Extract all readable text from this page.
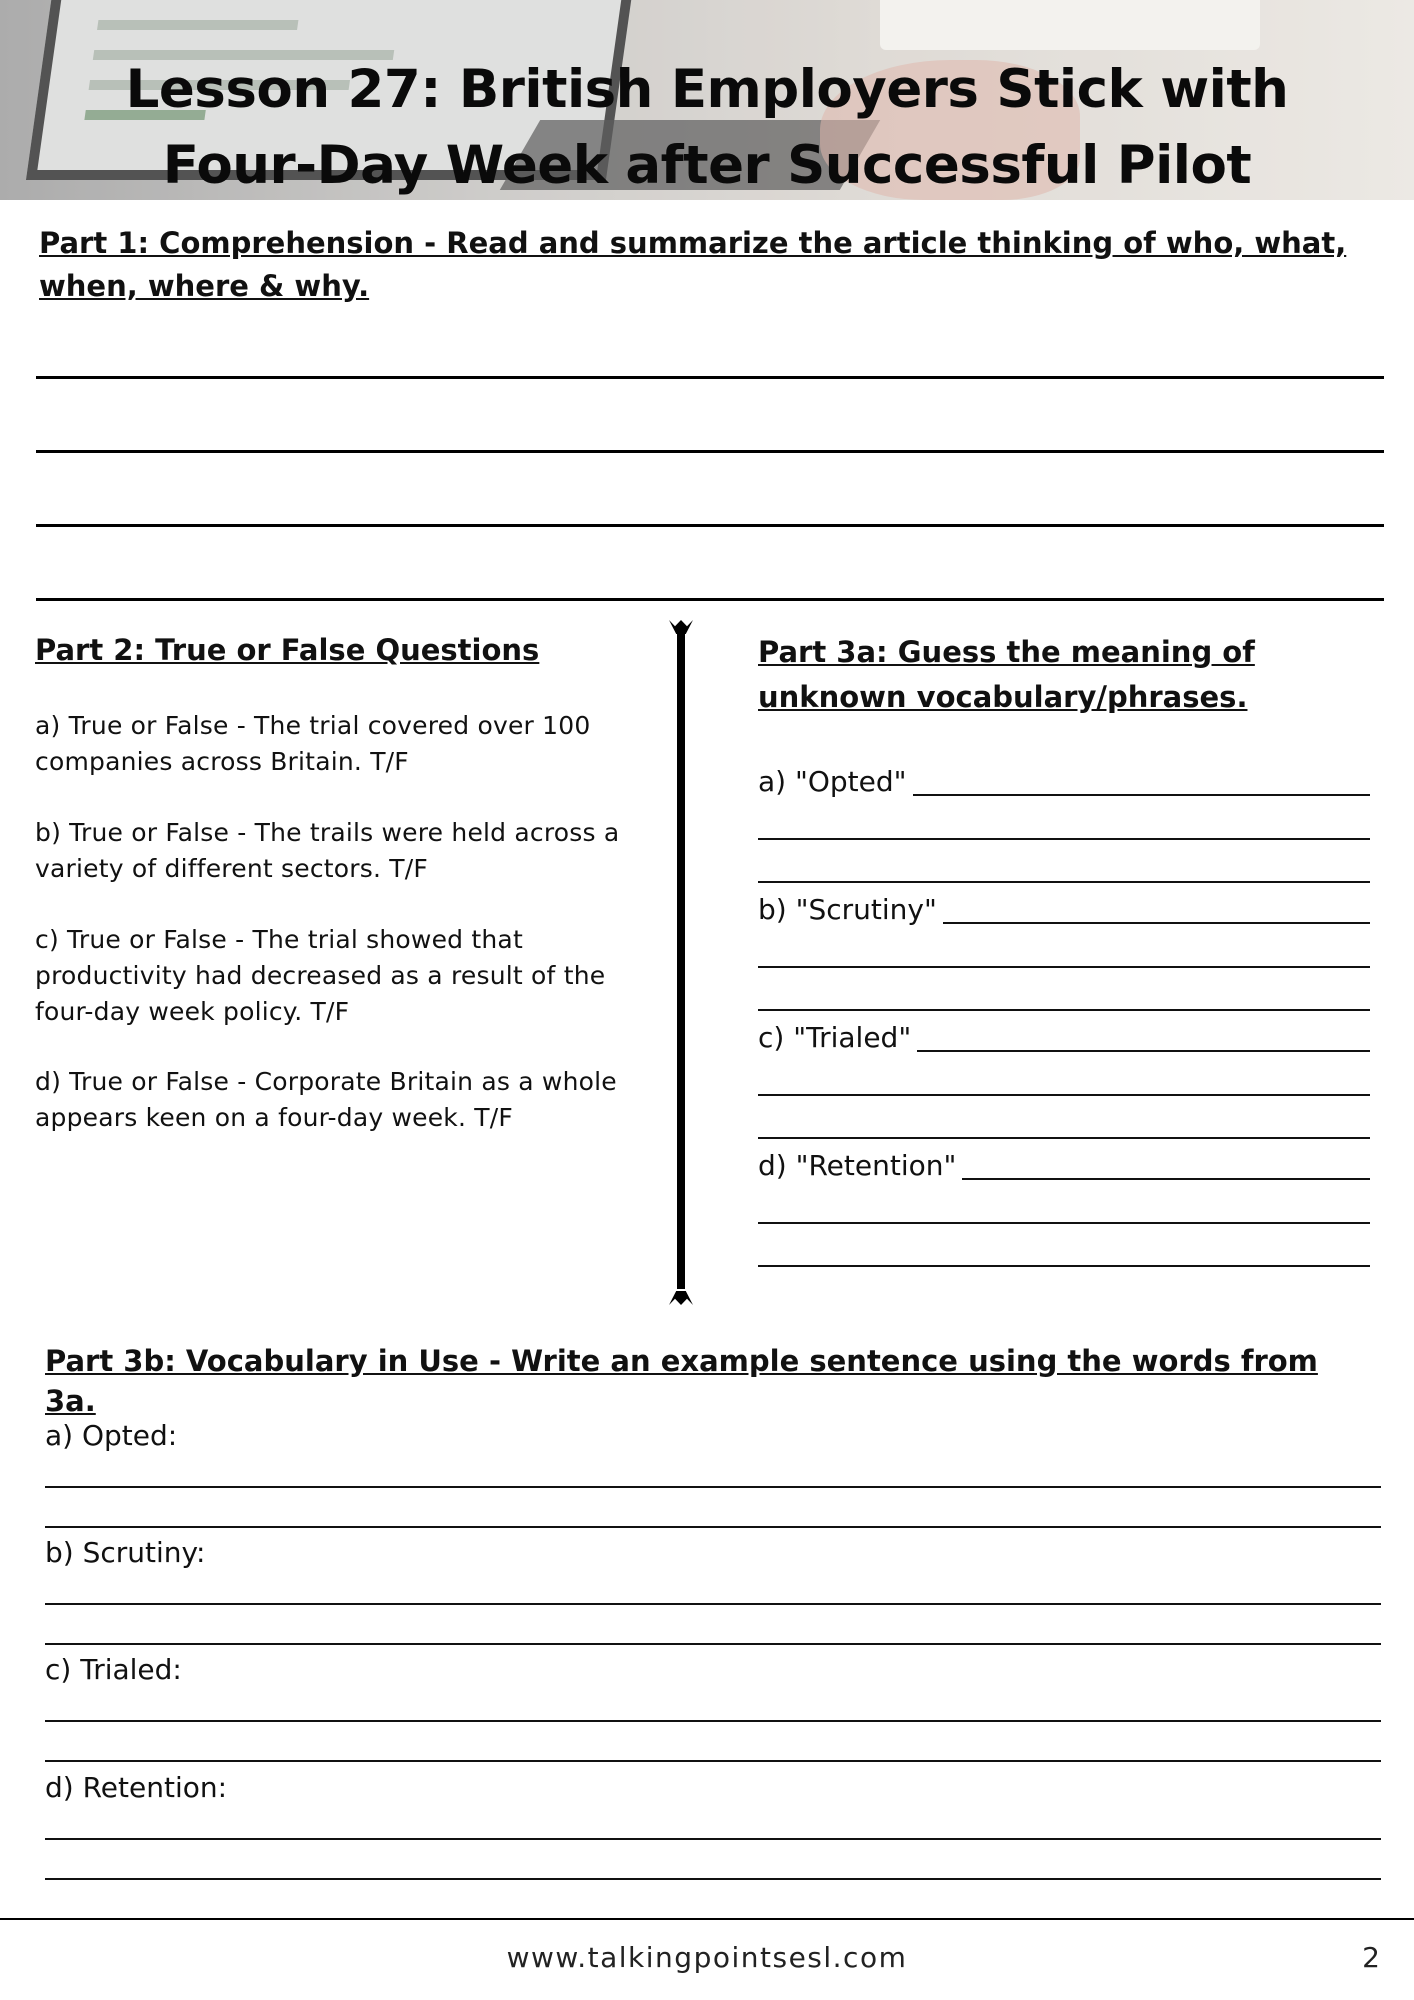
Lesson 27: British Employers Stick with Four-Day Week after Successful Pilot

Part 1: Comprehension - Read and summarize the article thinking of who, what, when, where & why.

Part 2: True or False Questions

a) True or False - The trial covered over 100 companies across Britain. T/F

b) True or False - The trails were held across a variety of different sectors. T/F

c) True or False - The trial showed that productivity had decreased as a result of the four-day week policy. T/F

d) True or False - Corporate Britain as a whole appears keen on a four-day week. T/F

Part 3a: Guess the meaning of unknown vocabulary/phrases.

a) "Opted"

b) "Scrutiny"

c) "Trialed"

d) "Retention"

Part 3b: Vocabulary in Use - Write an example sentence using the words from 3a.

a) Opted:

b) Scrutiny:

c) Trialed:

d) Retention:

www.talkingpointsesl.com	2
